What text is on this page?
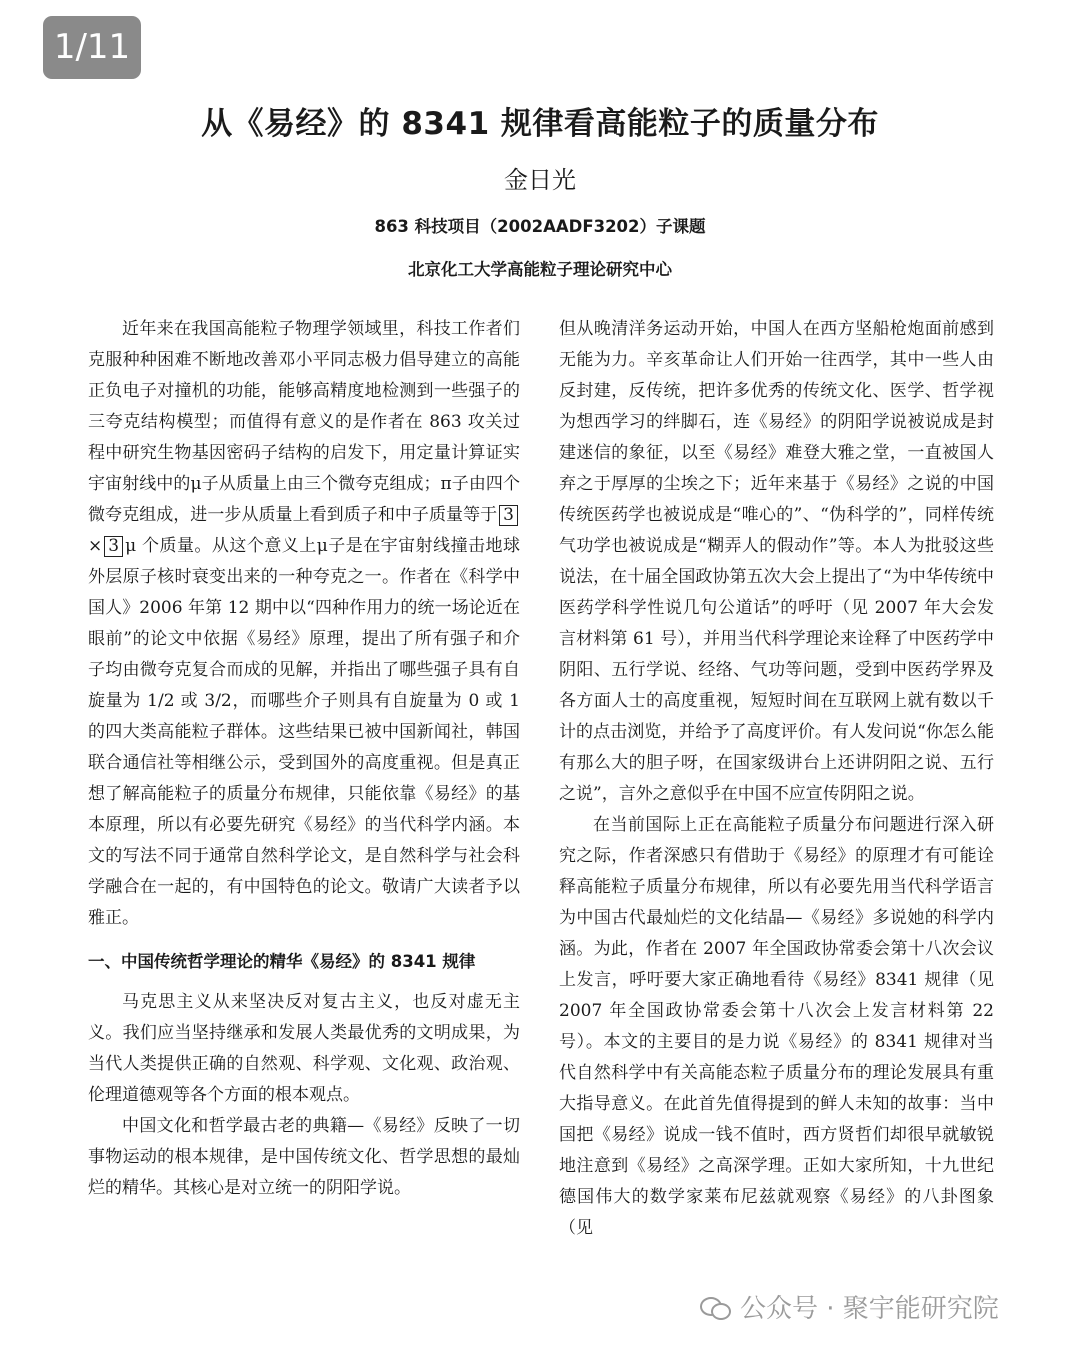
1/11
从《易经》的 8341 规律看高能粒子的质量分布
金日光
863 科技项目（2002AADF3202）子课题
北京化工大学高能粒子理论研究中心

近年来在我国高能粒子物理学领域里，科技工作者们克服种种困难不断地改善邓小平同志极力倡导建立的高能正负电子对撞机的功能，能够高精度地检测到一些强子的三夸克结构模型；而值得有意义的是作者在 863 攻关过程中研究生物基因密码子结构的启发下，用定量计算证实宇宙射线中的μ子从质量上由三个微夸克组成；π子由四个微夸克组成，进一步从质量上看到质子和中子质量等于 3× 3 μ 个质量。从这个意义上μ子是在宇宙射线撞击地球外层原子核时衰变出来的一种夸克之一。作者在《科学中国人》2006 年第 12 期中以“四种作用力的统一场论近在眼前”的论文中依据《易经》原理，提出了所有强子和介子均由微夸克复合而成的见解，并指出了哪些强子具有自旋量为 1/2 或 3/2，而哪些介子则具有自旋量为 0 或 1 的四大类高能粒子群体。这些结果已被中国新闻社，韩国联合通信社等相继公示，受到国外的高度重视。但是真正想了解高能粒子的质量分布规律，只能依靠《易经》的基本原理，所以有必要先研究《易经》的当代科学内涵。本文的写法不同于通常自然科学论文，是自然科学与社会科学融合在一起的，有中国特色的论文。敬请广大读者予以雅正。

一、中国传统哲学理论的精华《易经》的 8341 规律

马克思主义从来坚决反对复古主义，也反对虚无主义。我们应当坚持继承和发展人类最优秀的文明成果，为当代人类提供正确的自然观、科学观、文化观、政治观、伦理道德观等各个方面的根本观点。

中国文化和哲学最古老的典籍—《易经》反映了一切事物运动的根本规律，是中国传统文化、哲学思想的最灿烂的精华。其核心是对立统一的阴阳学说。

但从晚清洋务运动开始，中国人在西方坚船枪炮面前感到无能为力。辛亥革命让人们开始一往西学，其中一些人由反封建，反传统，把许多优秀的传统文化、医学、哲学视为想西学习的绊脚石，连《易经》的阴阳学说被说成是封建迷信的象征，以至《易经》难登大雅之堂，一直被国人弃之于厚厚的尘埃之下；近年来基于《易经》之说的中国传统医药学也被说成是“唯心的”、“伪科学的”，同样传统气功学也被说成是“糊弄人的假动作”等。本人为批驳这些说法，在十届全国政协第五次大会上提出了“为中华传统中医药学科学性说几句公道话”的呼吁（见 2007 年大会发言材料第 61 号），并用当代科学理论来诠释了中医药学中阴阳、五行学说、经络、气功等问题，受到中医药学界及各方面人士的高度重视，短短时间在互联网上就有数以千计的点击浏览，并给予了高度评价。有人发问说“你怎么能有那么大的胆子呀，在国家级讲台上还讲阴阳之说、五行之说”，言外之意似乎在中国不应宣传阴阳之说。

在当前国际上正在高能粒子质量分布问题进行深入研究之际，作者深感只有借助于《易经》的原理才有可能诠释高能粒子质量分布规律，所以有必要先用当代科学语言为中国古代最灿烂的文化结晶—《易经》多说她的科学内涵。为此，作者在 2007 年全国政协常委会第十八次会议上发言，呼吁要大家正确地看待《易经》8341 规律（见 2007 年全国政协常委会第十八次会上发言材料第 22 号）。本文的主要目的是力说《易经》的 8341 规律对当代自然科学中有关高能态粒子质量分布的理论发展具有重大指导意义。在此首先值得提到的鲜人未知的故事：当中国把《易经》说成一钱不值时，西方贤哲们却很早就敏锐地注意到《易经》之高深学理。正如大家所知，十九世纪德国伟大的数学家莱布尼兹就观察《易经》的八卦图象（见

公众号 · 聚宇能研究院
